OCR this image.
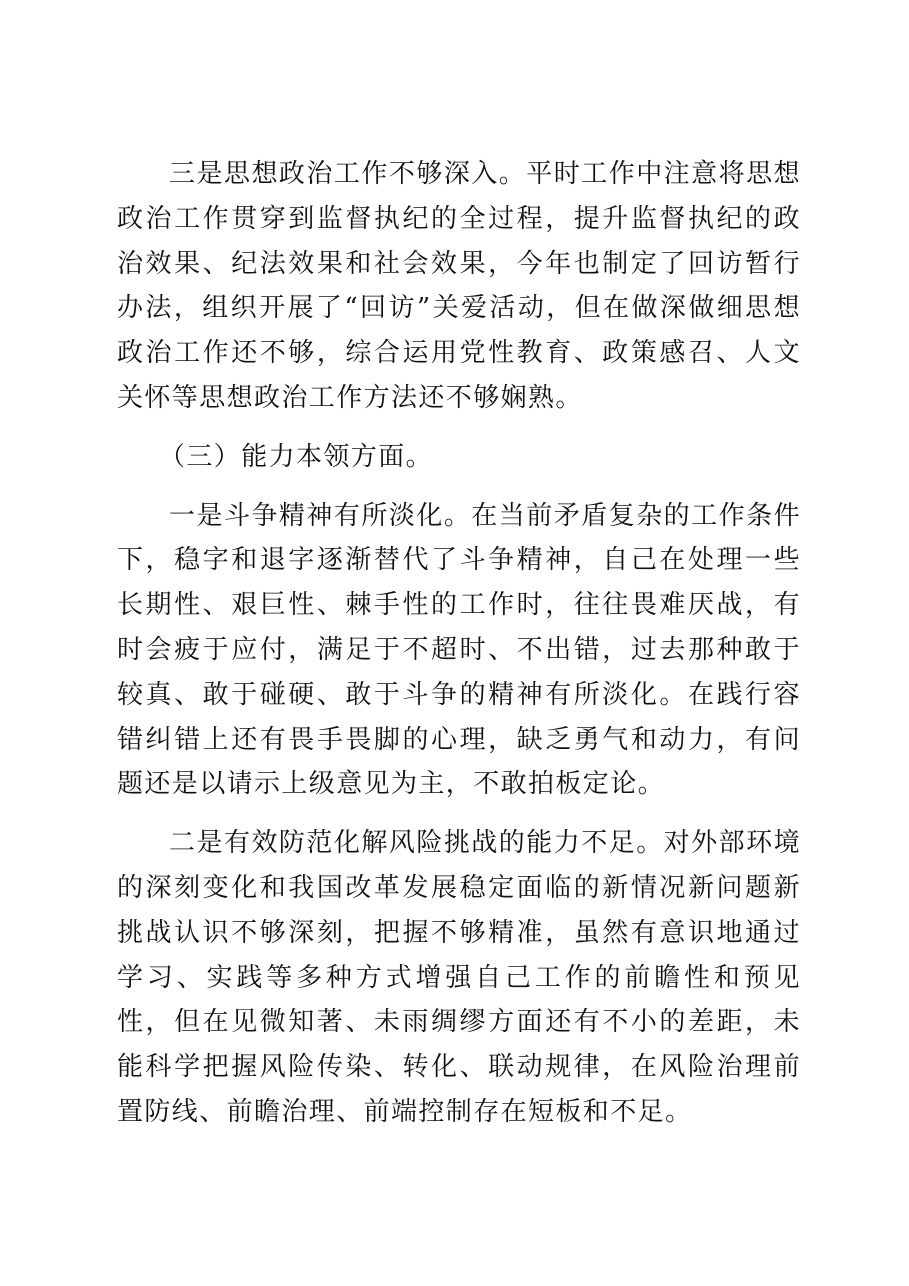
三是思想政治工作不够深入。平时工作中注意将思想政治工作贯穿到监督执纪的全过程，提升监督执纪的政治效果、纪法效果和社会效果，今年也制定了回访暂行办法，组织开展了“回访”关爱活动，但在做深做细思想政治工作还不够，综合运用党性教育、政策感召、人文关怀等思想政治工作方法还不够娴熟。

（三）能力本领方面。

一是斗争精神有所淡化。在当前矛盾复杂的工作条件下，稳字和退字逐渐替代了斗争精神，自己在处理一些长期性、艰巨性、棘手性的工作时，往往畏难厌战，有时会疲于应付，满足于不超时、不出错，过去那种敢于较真、敢于碰硬、敢于斗争的精神有所淡化。在践行容错纠错上还有畏手畏脚的心理，缺乏勇气和动力，有问题还是以请示上级意见为主，不敢拍板定论。

二是有效防范化解风险挑战的能力不足。对外部环境的深刻变化和我国改革发展稳定面临的新情况新问题新挑战认识不够深刻，把握不够精准，虽然有意识地通过学习、实践等多种方式增强自己工作的前瞻性和预见性，但在见微知著、未雨绸缪方面还有不小的差距，未能科学把握风险传染、转化、联动规律，在风险治理前置防线、前瞻治理、前端控制存在短板和不足。
